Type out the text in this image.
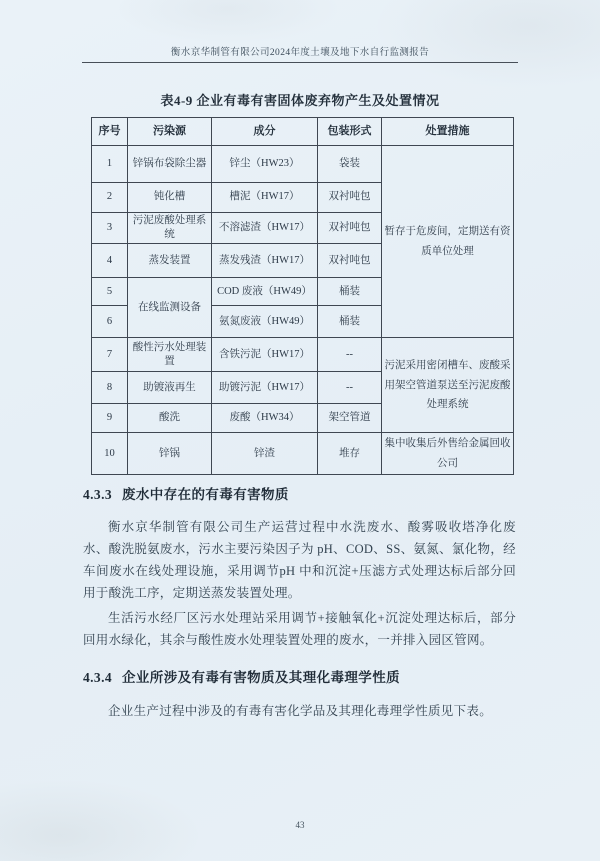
衡水京华制管有限公司2024年度土壤及地下水自行监测报告
表4-9 企业有毒有害固体废弃物产生及处置情况
序号	污染源	成分	包装形式	处置措施
1	锌锅布袋除尘器	锌尘（HW23）	袋装	暂存于危废间，定期送有资质单位处理
2	钝化槽	槽泥（HW17）	双衬吨包	
3	污泥废酸处理系统	不溶滤渣（HW17）	双衬吨包	
4	蒸发装置	蒸发残渣（HW17）	双衬吨包	
5	在线监测设备	COD 废液（HW49）	桶装	
6		氨氮废液（HW49）	桶装	
7	酸性污水处理装置	含铁污泥（HW17）	--	污泥采用密闭槽车、废酸采用架空管道泵送至污泥废酸处理系统
8	助镀液再生	助镀污泥（HW17）	--	
9	酸洗	废酸（HW34）	架空管道	
10	锌锅	锌渣	堆存	集中收集后外售给金属回收公司
4.3.3 废水中存在的有毒有害物质
衡水京华制管有限公司生产运营过程中水洗废水、酸雾吸收塔净化废水、酸洗脱氨废水，污水主要污染因子为 pH、COD、SS、氨氮、氯化物，经车间废水在线处理设施，采用调节pH 中和沉淀+压滤方式处理达标后部分回用于酸洗工序，定期送蒸发装置处理。
生活污水经厂区污水处理站采用调节+接触氧化+沉淀处理达标后，部分回用水绿化，其余与酸性废水处理装置处理的废水，一并排入园区管网。
4.3.4 企业所涉及有毒有害物质及其理化毒理学性质
企业生产过程中涉及的有毒有害化学品及其理化毒理学性质见下表。
43
